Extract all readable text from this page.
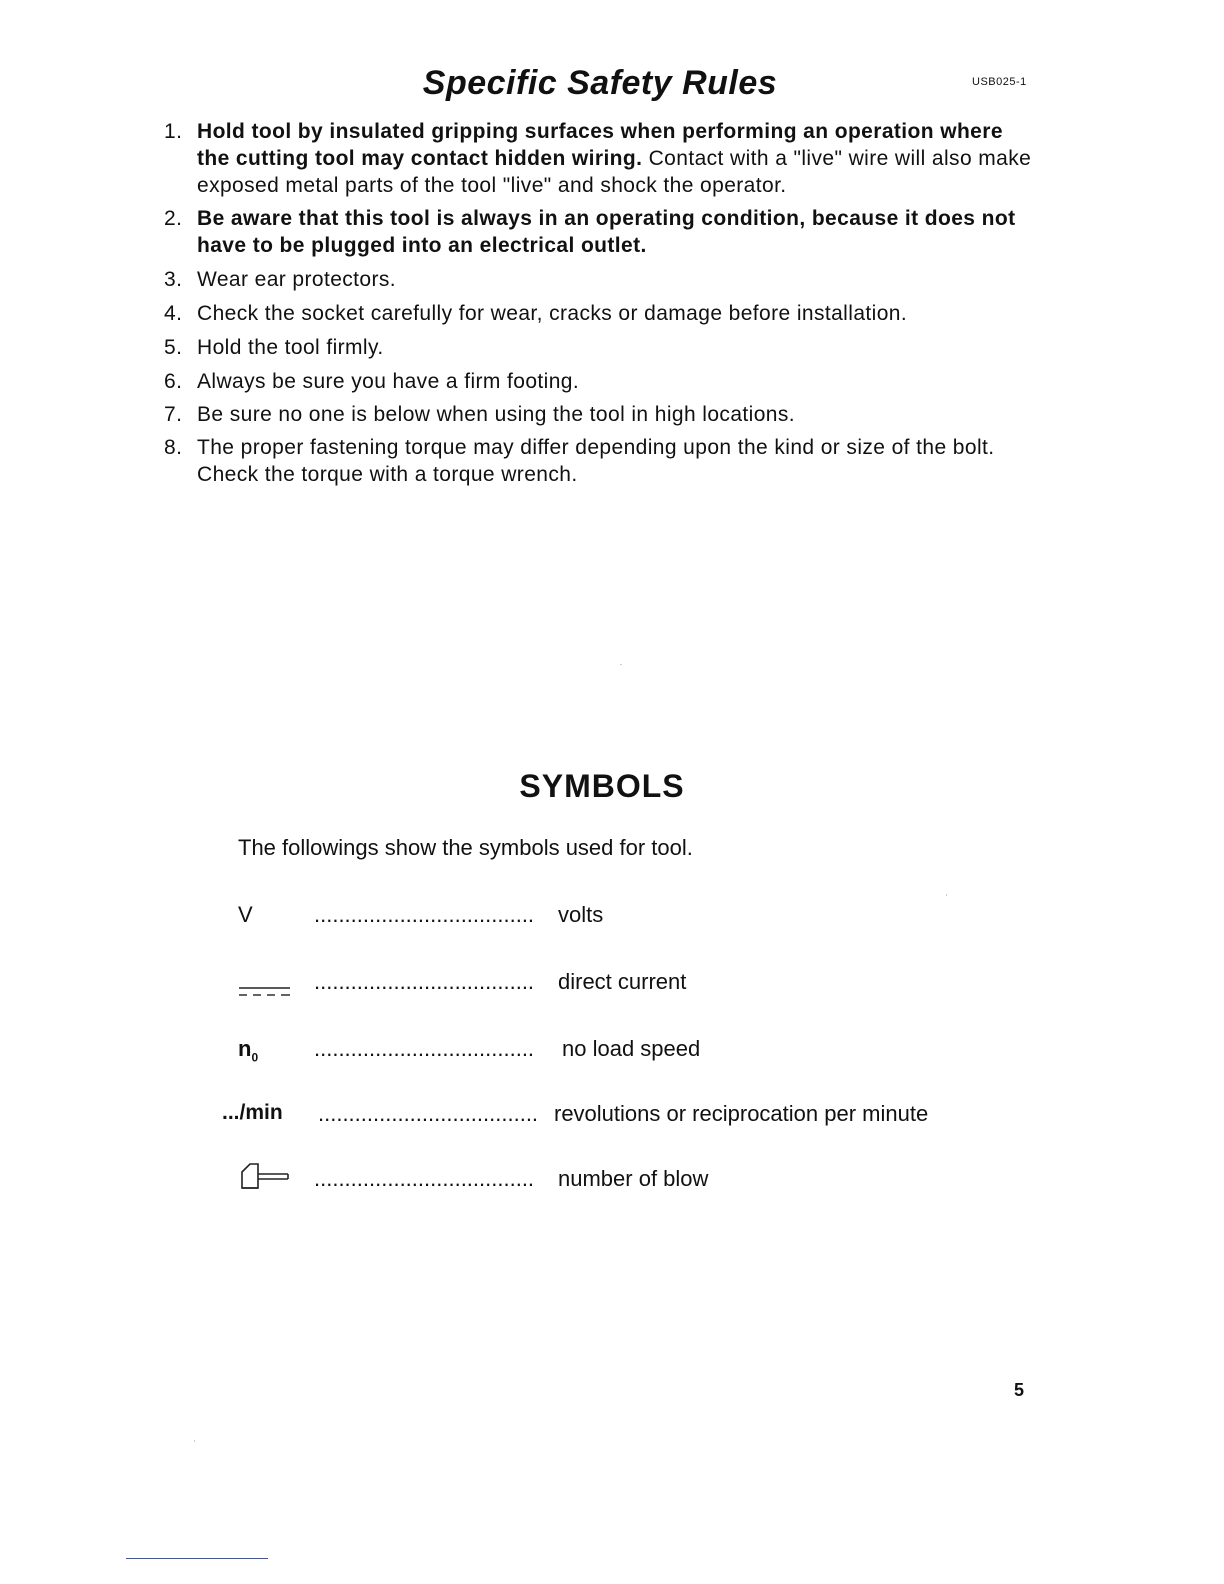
Specific Safety Rules	USB025-1
1. Hold tool by insulated gripping surfaces when performing an operation where the cutting tool may contact hidden wiring. Contact with a "live" wire will also make exposed metal parts of the tool "live" and shock the operator.
2. Be aware that this tool is always in an operating condition, because it does not have to be plugged into an electrical outlet.
3. Wear ear protectors.
4. Check the socket carefully for wear, cracks or damage before installation.
5. Hold the tool firmly.
6. Always be sure you have a firm footing.
7. Be sure no one is below when using the tool in high locations.
8. The proper fastening torque may differ depending upon the kind or size of the bolt. Check the torque with a torque wrench.
SYMBOLS
The followings show the symbols used for tool.
V	.................................... volts
.................................... direct current
$n_0$	.................................... no load speed
.../min .................................... revolutions or reciprocation per minute
.................................... number of blow
5
